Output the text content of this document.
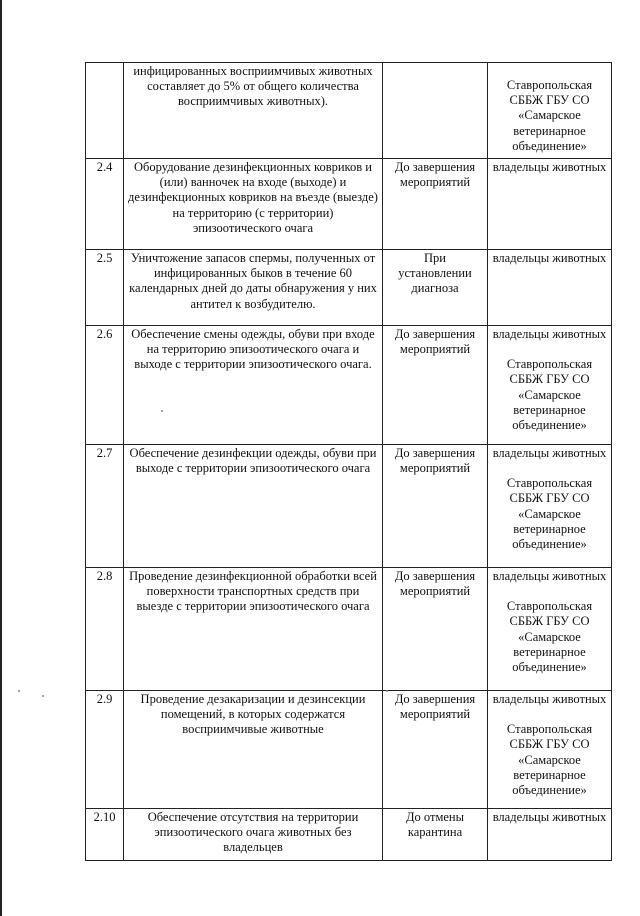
	инфицированных восприимчивых животных составляет до 5% от общего количества восприимчивых животных).		Ставропольская СББЖ ГБУ СО «Самарское ветеринарное объединение»

2.4	Оборудование дезинфекционных ковриков и (или) ванночек на входе (выходе) и дезинфекционных ковриков на въезде (выезде) на территорию (с территории) эпизоотического очага	До завершения мероприятий	владельцы животных

2.5	Уничтожение запасов спермы, полученных от инфицированных быков в течение 60 календарных дней до даты обнаружения у них антител к возбудителю.	При установлении диагноза	владельцы животных

2.6	Обеспечение смены одежды, обуви при входе на территорию эпизоотического очага и выходе с территории эпизоотического очага.	До завершения мероприятий	владельцы животных
Ставропольская СББЖ ГБУ СО «Самарское ветеринарное объединение»

2.7	Обеспечение дезинфекции одежды, обуви при выходе с территории эпизоотического очага	До завершения мероприятий	владельцы животных
Ставропольская СББЖ ГБУ СО «Самарское ветеринарное объединение»

2.8	Проведение дезинфекционной обработки всей поверхности транспортных средств при выезде с территории эпизоотического очага	До завершения мероприятий	владельцы животных
Ставропольская СББЖ ГБУ СО «Самарское ветеринарное объединение»

2.9	Проведение дезакаризации и дезинсекции помещений, в которых содержатся восприимчивые животные	До завершения мероприятий	владельцы животных
Ставропольская СББЖ ГБУ СО «Самарское ветеринарное объединение»

2.10	Обеспечение отсутствия на территории эпизоотического очага животных без владельцев	До отмены карантина	владельцы животных
